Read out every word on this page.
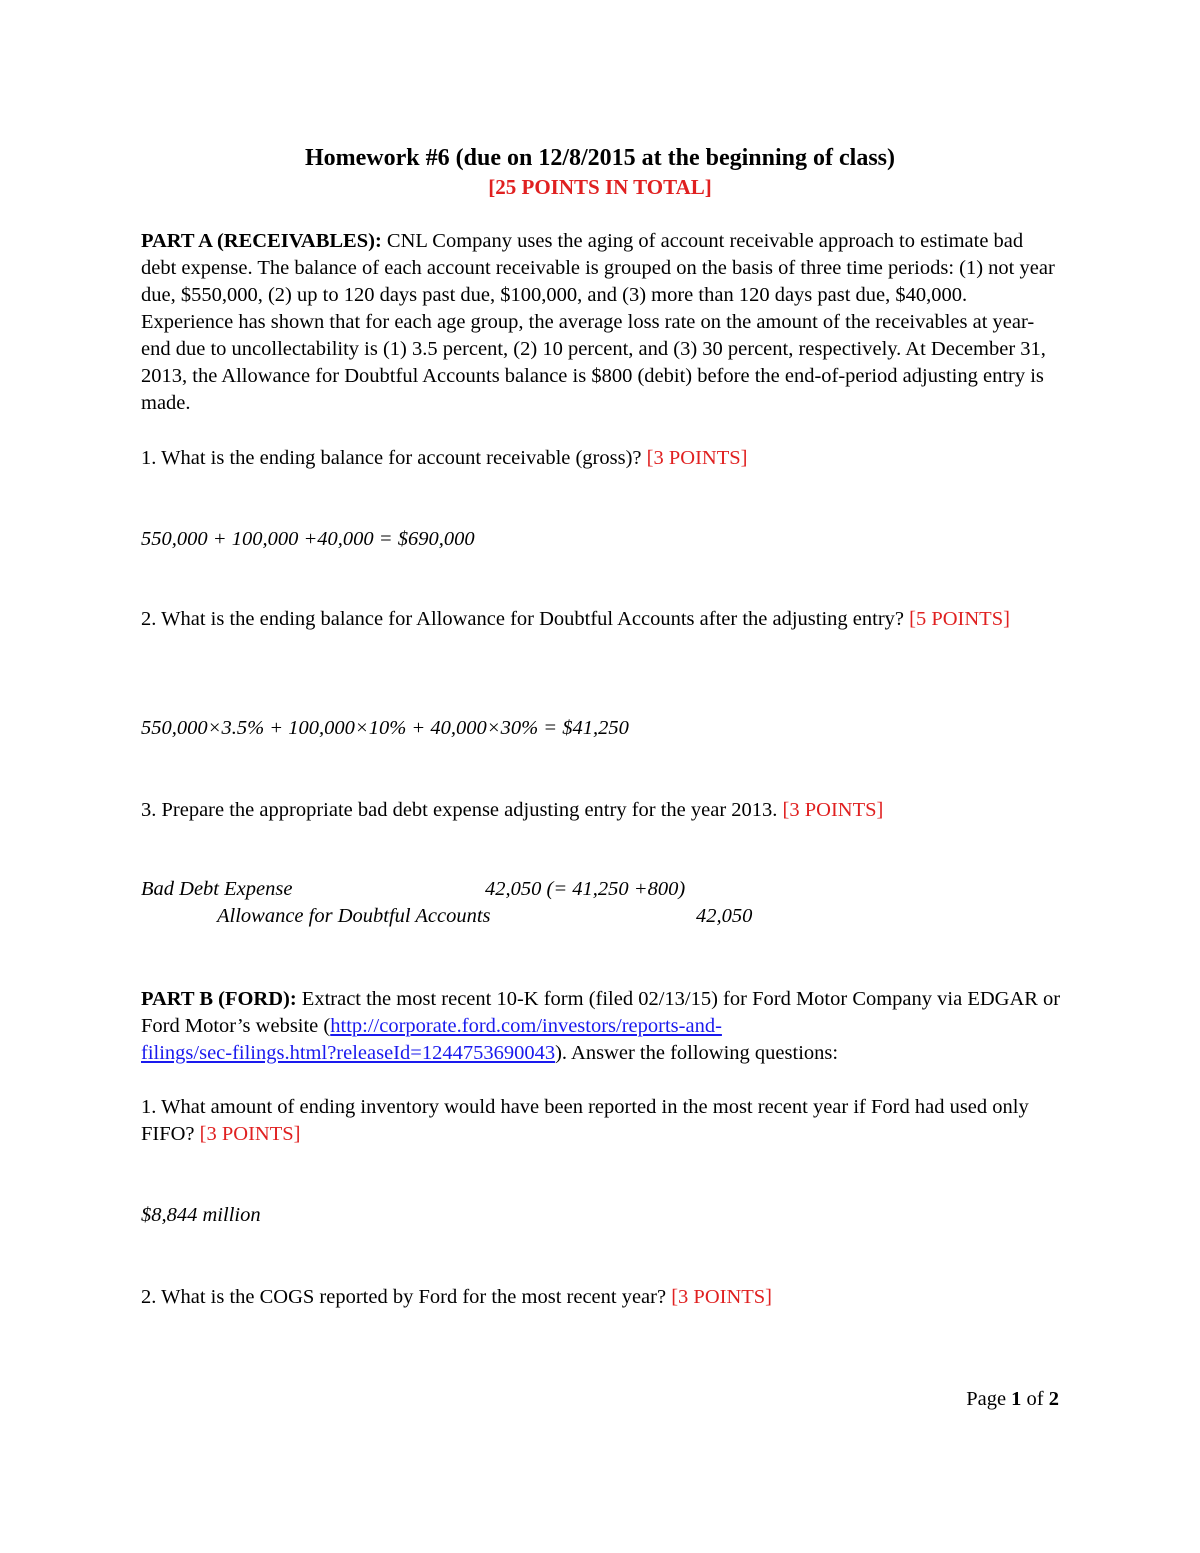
Homework #6 (due on 12/8/2015 at the beginning of class)
[25 POINTS IN TOTAL]
PART A (RECEIVABLES): CNL Company uses the aging of account receivable approach to estimate bad debt expense. The balance of each account receivable is grouped on the basis of three time periods: (1) not year due, $550,000, (2) up to 120 days past due, $100,000, and (3) more than 120 days past due, $40,000. Experience has shown that for each age group, the average loss rate on the amount of the receivables at year-end due to uncollectability is (1) 3.5 percent, (2) 10 percent, and (3) 30 percent, respectively. At December 31, 2013, the Allowance for Doubtful Accounts balance is $800 (debit) before the end-of-period adjusting entry is made.
1. What is the ending balance for account receivable (gross)? [3 POINTS]
550,000 + 100,000 +40,000 = $690,000
2. What is the ending balance for Allowance for Doubtful Accounts after the adjusting entry? [5 POINTS]
550,000×3.5% + 100,000×10% + 40,000×30% = $41,250
3. Prepare the appropriate bad debt expense adjusting entry for the year 2013. [3 POINTS]
Bad Debt Expense	42,050 (= 41,250 +800)
Allowance for Doubtful Accounts	42,050
PART B (FORD): Extract the most recent 10-K form (filed 02/13/15) for Ford Motor Company via EDGAR or Ford Motor’s website (http://corporate.ford.com/investors/reports-and-
filings/sec-filings.html?releaseId=1244753690043). Answer the following questions:
1. What amount of ending inventory would have been reported in the most recent year if Ford had used only FIFO? [3 POINTS]
$8,844 million
2. What is the COGS reported by Ford for the most recent year? [3 POINTS]
Page 1 of 2
